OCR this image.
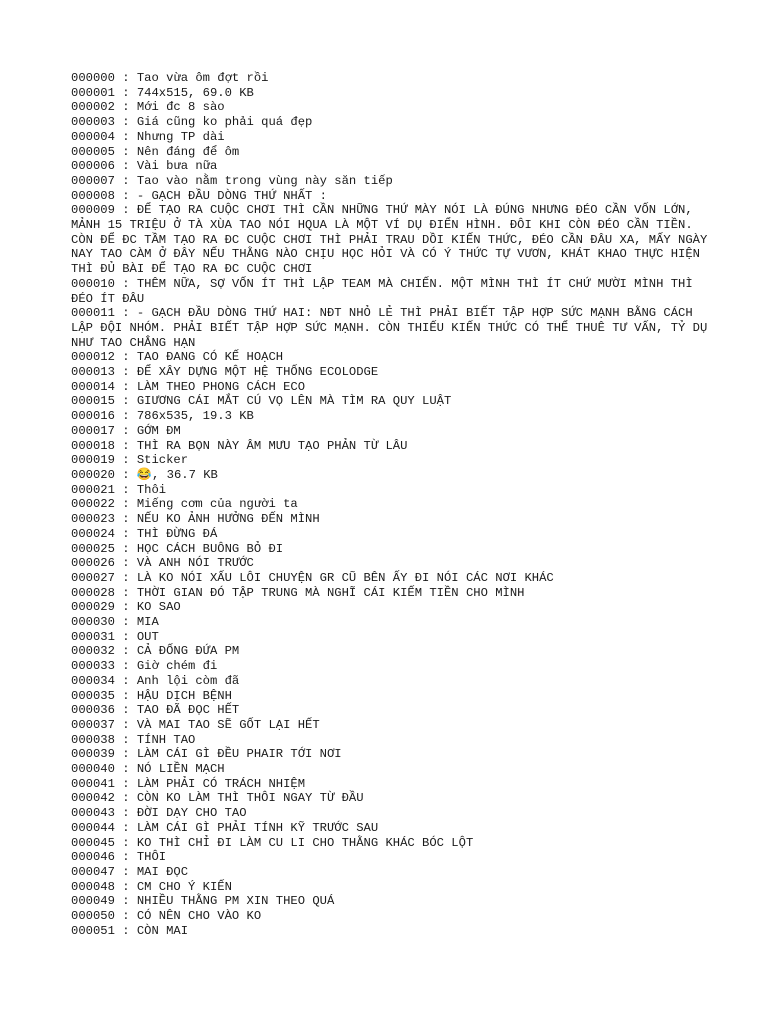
000000 : Tao vừa ôm đợt rồi
000001 : 744x515, 69.0 KB
000002 : Mới đc 8 sào
000003 : Giá cũng ko phải quá đẹp
000004 : Nhưng TP dài
000005 : Nên đáng để ôm
000006 : Vài bưa nữa
000007 : Tao vào nằm trong vùng này săn tiếp
000008 : - GẠCH ĐẦU DÒNG THỨ NHẤT :
000009 : ĐỂ TẠO RA CUỘC CHƠI THÌ CẦN NHỮNG THỨ MÀY NÓI LÀ ĐÚNG NHƯNG ĐÉO CẦN VỐN LỚN, MẢNH 15 TRIỆU Ở TÀ XÙA TAO NÓI HQUA LÀ MỘT VÍ DỤ ĐIỂN HÌNH. ĐÔI KHI CÒN ĐÉO CẦN TIỀN. CÒN ĐỂ ĐC TẦM TẠO RA ĐC CUỘC CHƠI THÌ PHẢI TRAU DỒI KIẾN THỨC, ĐÉO CẦN ĐÂU XA, MẤY NGÀY NAY TAO CÀM Ở ĐÂY NẾU THẰNG NÀO CHỊU HỌC HỎI VÀ CÓ Ý THỨC TỰ VƯƠN, KHÁT KHAO THỰC HIỆN THÌ ĐỦ BÀI ĐỂ TẠO RA ĐC CUỘC CHƠI
000010 : THÊM NỮA, SỢ VỐN ÍT THÌ LẬP TEAM MÀ CHIẾN. MỘT MÌNH THÌ ÍT CHỨ MƯỜI MÌNH THÌ ĐÉO ÍT ĐÂU
000011 : - GẠCH ĐẦU DÒNG THỨ HAI: NĐT NHỎ LẺ THÌ PHẢI BIẾT TẬP HỢP SỨC MẠNH BẰNG CÁCH LẬP ĐỘI NHÓM. PHẢI BIẾT TẬP HỢP SỨC MẠNH. CÒN THIẾU KIẾN THỨC CÓ THỂ THUÊ TƯ VẤN, TỶ DỤ NHƯ TAO CHẲNG HẠN
000012 : TAO ĐANG CÓ KẾ HOẠCH
000013 : ĐỂ XÂY DỰNG MỘT HỆ THỐNG ECOLODGE
000014 : LÀM THEO PHONG CÁCH ECO
000015 : GIƯƠNG CÁI MẮT CÚ VỌ LÊN MÀ TÌM RA QUY LUẬT
000016 : 786x535, 19.3 KB
000017 : GỚM ĐM
000018 : THÌ RA BỌN NÀY ÂM MƯU TẠO PHẢN TỪ LÂU
000019 : Sticker
000020 : 😂, 36.7 KB
000021 : Thôi
000022 : Miếng cơm của người ta
000023 : NẾU KO ẢNH HƯỞNG ĐẾN MÌNH
000024 : THÌ ĐỪNG ĐÁ
000025 : HỌC CÁCH BUÔNG BỎ ĐI
000026 : VÀ ANH NÓI TRƯỚC
000027 : LÀ KO NÓI XẤU LÔI CHUYỆN GR CŨ BÊN ẤY ĐI NÓI CÁC NƠI KHÁC
000028 : THỜI GIAN ĐÓ TẬP TRUNG MÀ NGHĨ CÁI KIẾM TIỀN CHO MÌNH
000029 : KO SAO
000030 : MIA
000031 : OUT
000032 : CẢ ĐỐNG ĐỨA PM
000033 : Giờ chém đi
000034 : Anh lội còm đã
000035 : HẬU DỊCH BỆNH
000036 : TAO ĐÃ ĐỌC HẾT
000037 : VÀ MAI TAO SẼ GỐT LẠI HẾT
000038 : TÍNH TAO
000039 : LÀM CÁI GÌ ĐỀU PHAIR TỚI NƠI
000040 : NÓ LIỀN MẠCH
000041 : LÀM PHẢI CÓ TRÁCH NHIỆM
000042 : CÒN KO LÀM THÌ THÔI NGAY TỪ ĐẦU
000043 : ĐỜI DẠY CHO TAO
000044 : LÀM CÁI GÌ PHẢI TÍNH KỸ TRƯỚC SAU
000045 : KO THÌ CHỈ ĐI LÀM CU LI CHO THẰNG KHÁC BÓC LỘT
000046 : THÔI
000047 : MAI ĐỌC
000048 : CM CHO Ý KIẾN
000049 : NHIỀU THẰNG PM XIN THEO QUÁ
000050 : CÓ NÊN CHO VÀO KO
000051 : CÒN MAI
